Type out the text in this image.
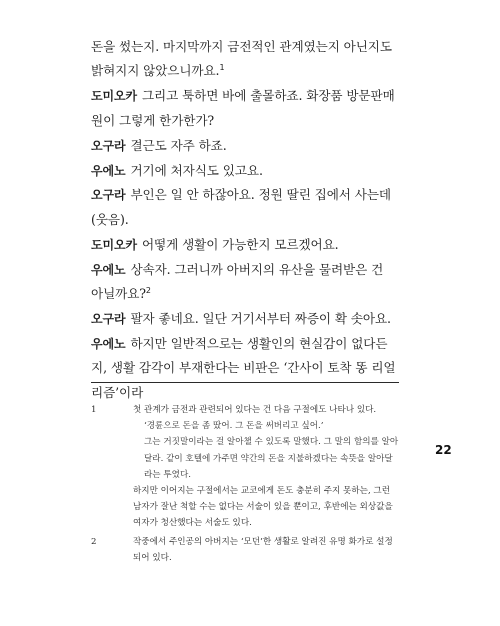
돈을 썼는지. 마지막까지 금전적인 관계였는지 아닌지도 밝혀지지 않았으니까요.$^1$

도미오카 그리고 툭하면 바에 출몰하죠. 화장품 방문판매원이 그렇게 한가한가?

오구라 결근도 자주 하죠.

우에노 거기에 처자식도 있고요.

오구라 부인은 일 안 하잖아요. 정원 딸린 집에서 사는데(웃음).

도미오카 어떻게 생활이 가능한지 모르겠어요.

우에노 상속자. 그러니까 아버지의 유산을 물려받은 건 아닐까요?$^2$

오구라 팔자 좋네요. 일단 거기서부터 짜증이 확 솟아요.

우에노 하지만 일반적으로는 생활인의 현실감이 없다든지, 생활 감각이 부재한다는 비판은 ‘간사이 토착 똥 리얼리즘’이라

1	첫 관계가 금전과 관련되어 있다는 건 다음 구절에도 나타나 있다.
‘경륜으로 돈을 좀 땄어. 그 돈을 써버리고 싶어.’
그는 거짓말이라는 걸 알아챌 수 있도록 말했다. 그 말의 함의를 알아달라. 같이 호텔에 가주면 약간의 돈을 지불하겠다는 속뜻을 알아달라는 투였다.
하지만 이어지는 구절에서는 교코에게 돈도 충분히 주지 못하는, 그런 남자가 잘난 척할 수는 없다는 서술이 있을 뿐이고, 후반에는 외상값을 여자가 청산했다는 서술도 있다.
2	작중에서 주인공의 아버지는 ‘모던’한 생활로 알려진 유명 화가로 설정되어 있다.
22
